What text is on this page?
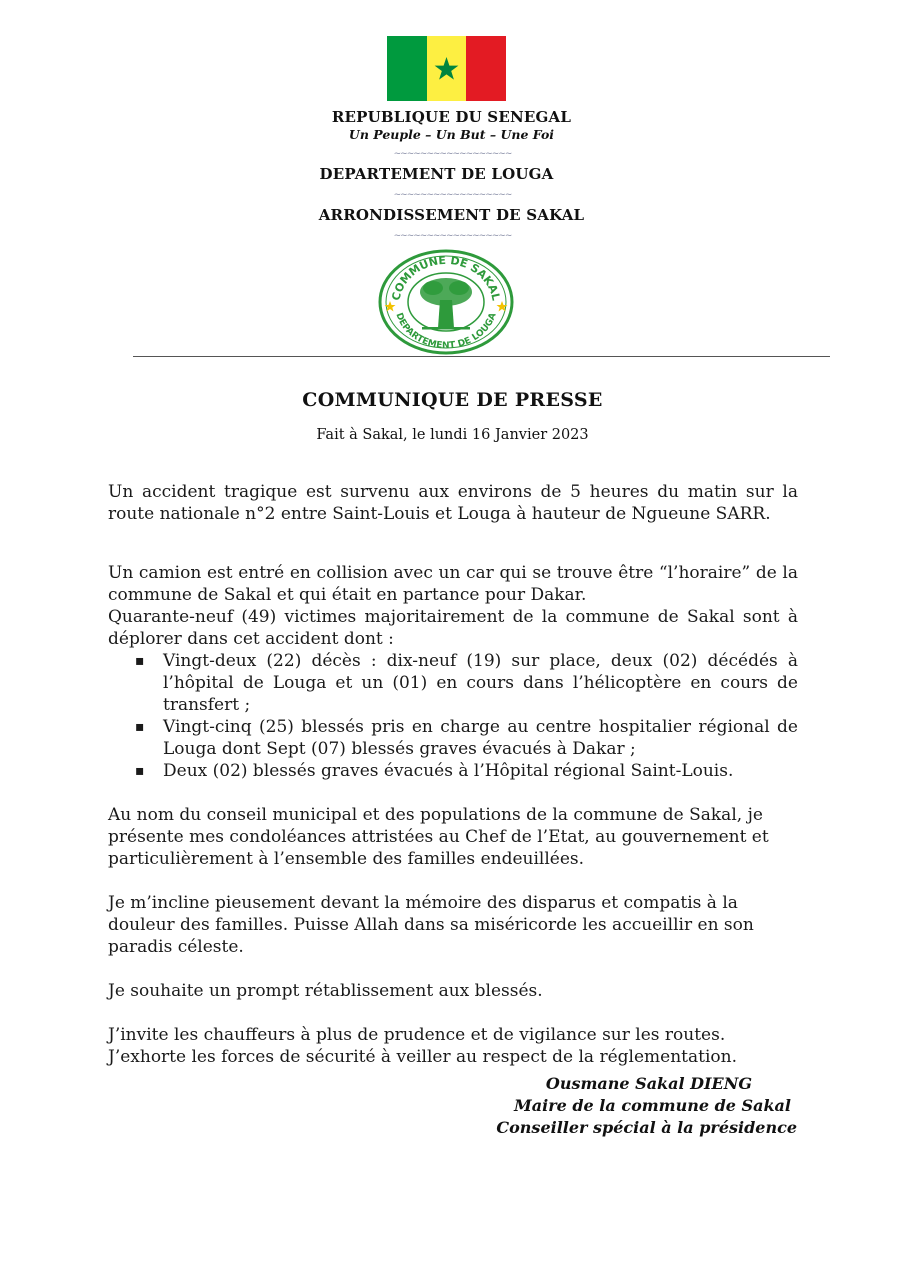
REPUBLIQUE DU SENEGAL
Un Peuple – Un But – Une Foi
~~~~~~~~~~~~~~~~~~
DEPARTEMENT DE LOUGA
~~~~~~~~~~~~~~~~~~
ARRONDISSEMENT DE SAKAL
~~~~~~~~~~~~~~~~~~
COMMUNE DE SAKAL
DEPARTEMENT DE LOUGA
COMMUNIQUE DE PRESSE
Fait à Sakal, le lundi 16 Janvier 2023

Un accident tragique est survenu aux environs de 5 heures du matin sur la route nationale n°2 entre Saint-Louis et Louga à hauteur de Ngueune SARR.

Un camion est entré en collision avec un car qui se trouve être “l’horaire” de la commune de Sakal et qui était en partance pour Dakar.

Quarante-neuf (49) victimes majoritairement de la commune de Sakal sont à déplorer dans cet accident dont :

▪ Vingt-deux (22) décès : dix-neuf (19) sur place, deux (02) décédés à l’hôpital de Louga et un (01) en cours dans l’hélicoptère en cours de transfert ;
▪ Vingt-cinq (25) blessés pris en charge au centre hospitalier régional de Louga dont Sept (07) blessés graves évacués à Dakar ;
▪ Deux (02) blessés graves évacués à l’Hôpital régional Saint-Louis.

Au nom du conseil municipal et des populations de la commune de Sakal, je présente mes condoléances attristées au Chef de l’Etat, au gouvernement et particulièrement à l’ensemble des familles endeuillées.

Je m’incline pieusement devant la mémoire des disparus et compatis à la douleur des familles. Puisse Allah dans sa miséricorde les accueillir en son paradis céleste.

Je souhaite un prompt rétablissement aux blessés.

J’invite les chauffeurs à plus de prudence et de vigilance sur les routes.

J’exhorte les forces de sécurité à veiller au respect de la réglementation.

Ousmane Sakal DIENG
Maire de la commune de Sakal
Conseiller spécial à la présidence
